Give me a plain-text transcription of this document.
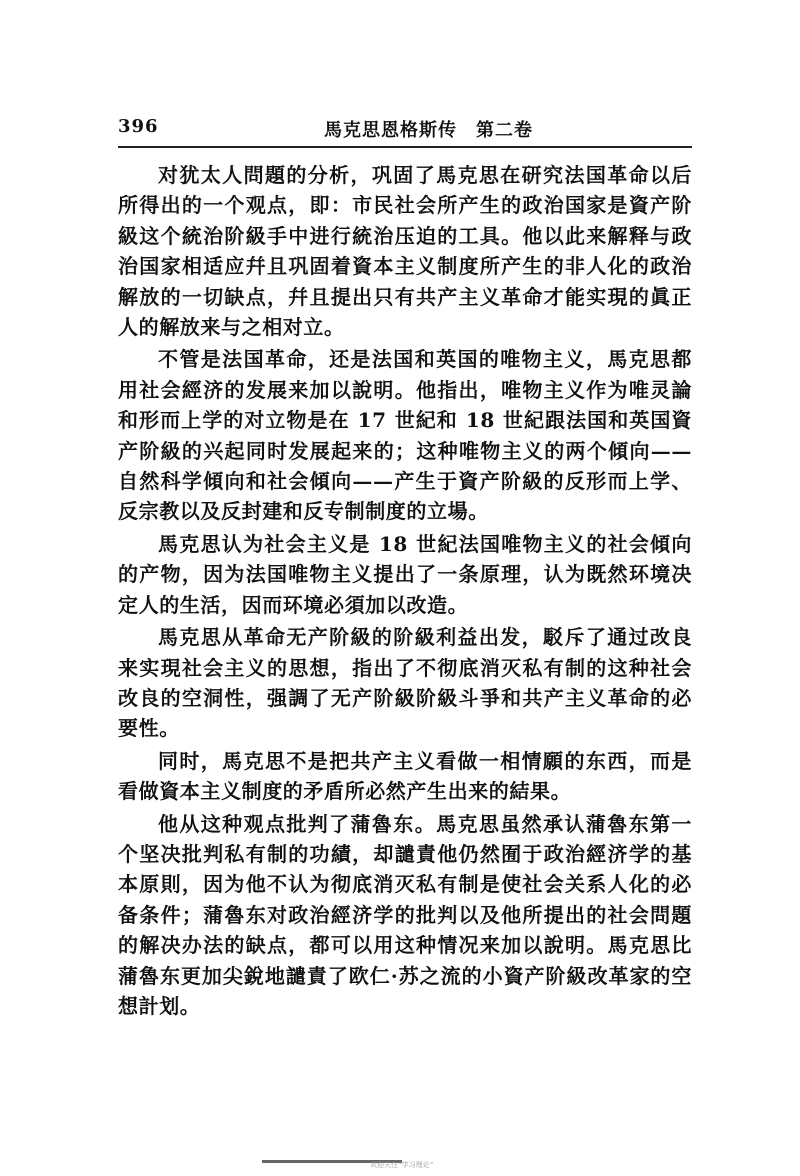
396	馬克思恩格斯传　第二卷

对犹太人問題的分析，巩固了馬克思在研究法国革命以后所得出的一个观点，即：市民社会所产生的政治国家是資产阶級这个統治阶級手中进行統治压迫的工具。他以此来解释与政治国家相适应幷且巩固着資本主义制度所产生的非人化的政治解放的一切缺点，幷且提出只有共产主义革命才能实現的眞正人的解放来与之相对立。

不管是法国革命，还是法国和英国的唯物主义，馬克思都用社会經济的发展来加以說明。他指出，唯物主义作为唯灵論和形而上学的对立物是在 17 世紀和 18 世紀跟法国和英国資产阶級的兴起同时发展起来的；这种唯物主义的两个傾向——自然科学傾向和社会傾向——产生于資产阶級的反形而上学、反宗教以及反封建和反专制制度的立場。

馬克思认为社会主义是 18 世紀法国唯物主义的社会傾向的产物，因为法国唯物主义提出了一条原理，认为既然环境决定人的生活，因而环境必須加以改造。

馬克思从革命无产阶級的阶級利益出发，駁斥了通过改良来实現社会主义的思想，指出了不彻底消灭私有制的这种社会改良的空洞性，强調了无产阶級阶級斗爭和共产主义革命的必要性。

同时，馬克思不是把共产主义看做一相情願的东西，而是看做資本主义制度的矛盾所必然产生出来的結果。

他从这种观点批判了蒲魯东。馬克思虽然承认蒲魯东第一个坚决批判私有制的功績，却譴責他仍然囿于政治經济学的基本原則，因为他不认为彻底消灭私有制是使社会关系人化的必备条件；蒲魯东对政治經济学的批判以及他所提出的社会問題的解决办法的缺点，都可以用这种情况来加以說明。馬克思比蒲魯东更加尖銳地譴責了欧仁·苏之流的小資产阶級改革家的空想計划。

欢迎关注“学习理论”
